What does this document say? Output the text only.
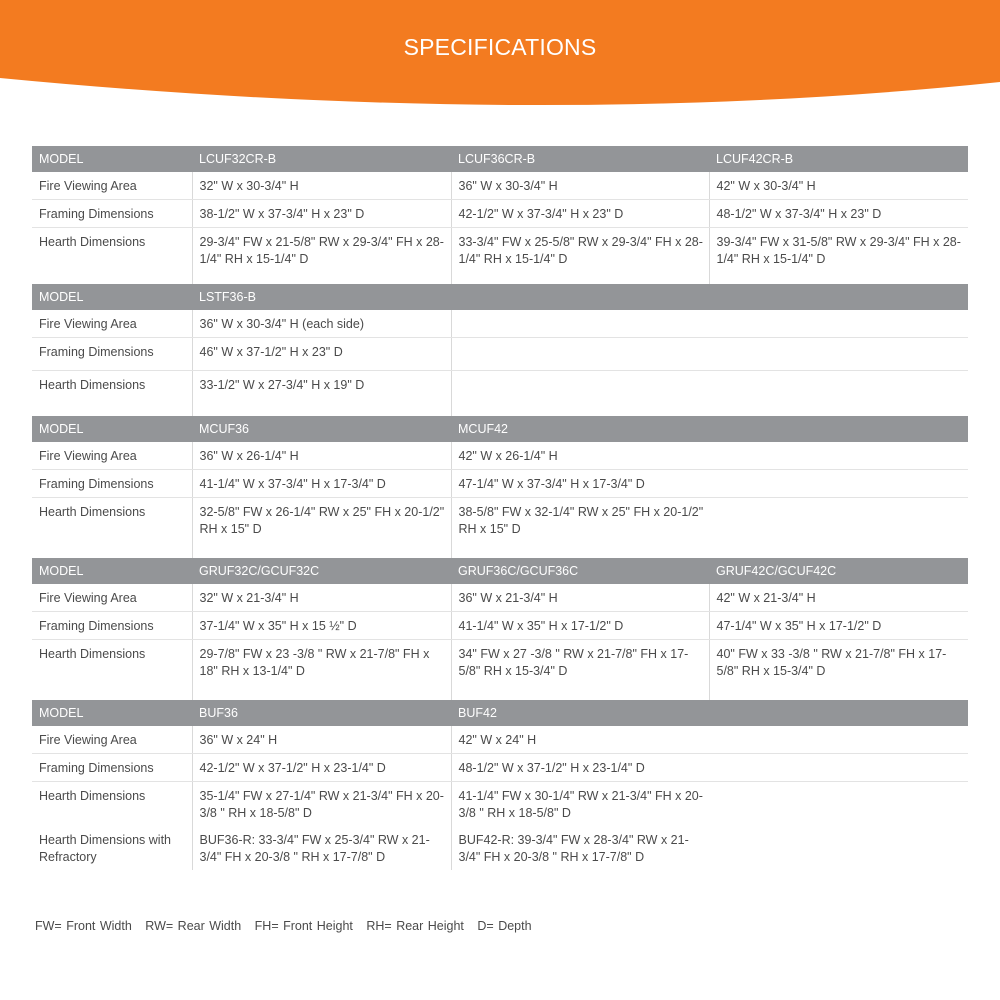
SPECIFICATIONS
MODEL	LCUF32CR-B	LCUF36CR-B	LCUF42CR-B
Fire Viewing Area	32" W x 30-3/4" H	36" W x 30-3/4" H	42" W x 30-3/4" H
Framing Dimensions	38-1/2" W x 37-3/4" H x 23" D	42-1/2" W x 37-3/4" H x 23" D	48-1/2" W x 37-3/4" H x 23" D
Hearth Dimensions	29-3/4" FW x 21-5/8" RW x 29-3/4" FH x 28-1/4" RH x 15-1/4" D	33-3/4" FW x 25-5/8" RW x 29-3/4" FH x 28-1/4" RH x 15-1/4" D	39-3/4" FW x 31-5/8" RW x 29-3/4" FH x 28-1/4" RH x 15-1/4" D
MODEL	LSTF36-B		
Fire Viewing Area	36" W x 30-3/4" H (each side)		
Framing Dimensions	46" W x 37-1/2" H x 23" D		
Hearth Dimensions	33-1/2" W x 27-3/4" H x 19" D		
MODEL	MCUF36	MCUF42	
Fire Viewing Area	36" W x 26-1/4" H	42" W x 26-1/4" H	
Framing Dimensions	41-1/4" W x 37-3/4" H x 17-3/4" D	47-1/4" W x 37-3/4" H x 17-3/4" D	
Hearth Dimensions	32-5/8" FW x 26-1/4" RW x 25" FH x 20-1/2" RH x 15" D	38-5/8" FW x 32-1/4" RW x 25" FH x 20-1/2" RH x 15" D	
MODEL	GRUF32C/GCUF32C	GRUF36C/GCUF36C	GRUF42C/GCUF42C
Fire Viewing Area	32" W x 21-3/4" H	36" W x 21-3/4" H	42" W x 21-3/4" H
Framing Dimensions	37-1/4" W x 35" H x 15 ½" D	41-1/4" W x 35" H x 17-1/2" D	47-1/4" W x 35" H x 17-1/2" D
Hearth Dimensions	29-7/8" FW x 23 -3/8 " RW x 21-7/8" FH x 18" RH x 13-1/4" D	34" FW x 27 -3/8 " RW x 21-7/8" FH x 17-5/8" RH x 15-3/4" D	40" FW x 33 -3/8 " RW x 21-7/8" FH x 17-5/8" RH x 15-3/4" D
MODEL	BUF36	BUF42	
Fire Viewing Area	36" W x 24" H	42" W x 24" H	
Framing Dimensions	42-1/2" W x 37-1/2" H x 23-1/4" D	48-1/2" W x 37-1/2" H x 23-1/4" D	
Hearth Dimensions	35-1/4" FW x 27-1/4" RW x 21-3/4" FH x 20-3/8 " RH x 18-5/8" D	41-1/4" FW x 30-1/4" RW x 21-3/4" FH x 20-3/8 " RH x 18-5/8" D	
Hearth Dimensions with Refractory	BUF36-R: 33-3/4" FW x 25-3/4" RW x 21-3/4" FH x 20-3/8 " RH x 17-7/8" D	BUF42-R: 39-3/4" FW x 28-3/4" RW x 21-3/4" FH x 20-3/8 " RH x 17-7/8" D	
FW= Front Width RW= Rear Width FH= Front Height RH= Rear Height D= Depth
